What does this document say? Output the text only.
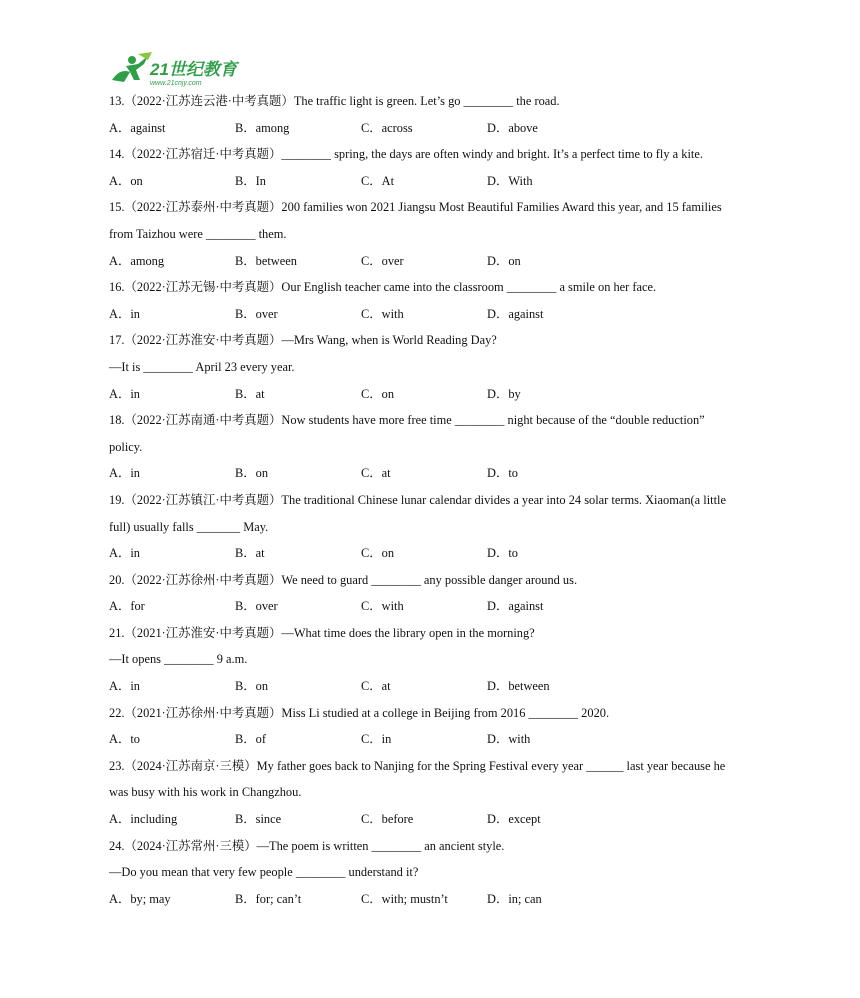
21世纪教育
www.21cnjy.com
13.（2022·江苏连云港·中考真题）The traffic light is green. Let’s go ________ the road.
A．against	B．among	C．across	D．above
14.（2022·江苏宿迁·中考真题）________ spring, the days are often windy and bright. It’s a perfect time to fly a kite.
A．on	B．In	C．At	D．With
15.（2022·江苏泰州·中考真题）200 families won 2021 Jiangsu Most Beautiful Families Award this year, and 15 families
from Taizhou were ________ them.
A．among	B．between	C．over	D．on
16.（2022·江苏无锡·中考真题）Our English teacher came into the classroom ________ a smile on her face.
A．in	B．over	C．with	D．against
17.（2022·江苏淮安·中考真题）—Mrs Wang, when is World Reading Day?
—It is ________ April 23 every year.
A．in	B．at	C．on	D．by
18.（2022·江苏南通·中考真题）Now students have more free time ________ night because of the “double reduction”
policy.
A．in	B．on	C．at	D．to
19.（2022·江苏镇江·中考真题）The traditional Chinese lunar calendar divides a year into 24 solar terms. Xiaoman(a little
full) usually falls _______ May.
A．in	B．at	C．on	D．to
20.（2022·江苏徐州·中考真题）We need to guard ________ any possible danger around us.
A．for	B．over	C．with	D．against
21.（2021·江苏淮安·中考真题）—What time does the library open in the morning?
—It opens ________ 9 a.m.
A．in	B．on	C．at	D．between
22.（2021·江苏徐州·中考真题）Miss Li studied at a college in Beijing from 2016 ________ 2020.
A．to	B．of	C．in	D．with
23.（2024·江苏南京·三模）My father goes back to Nanjing for the Spring Festival every year ______ last year because he
was busy with his work in Changzhou.
A．including	B．since	C．before	D．except
24.（2024·江苏常州·三模）—The poem is written ________ an ancient style.
—Do you mean that very few people ________ understand it?
A．by; may	B．for; can’t	C．with; mustn’t	D．in; can
